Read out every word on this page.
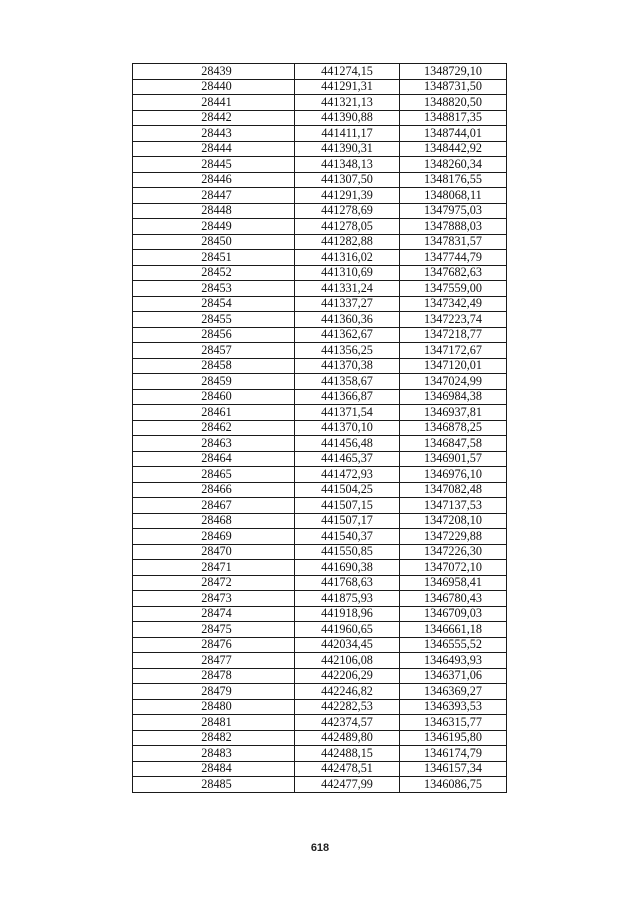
28439	441274,15	1348729,10
28440	441291,31	1348731,50
28441	441321,13	1348820,50
28442	441390,88	1348817,35
28443	441411,17	1348744,01
28444	441390,31	1348442,92
28445	441348,13	1348260,34
28446	441307,50	1348176,55
28447	441291,39	1348068,11
28448	441278,69	1347975,03
28449	441278,05	1347888,03
28450	441282,88	1347831,57
28451	441316,02	1347744,79
28452	441310,69	1347682,63
28453	441331,24	1347559,00
28454	441337,27	1347342,49
28455	441360,36	1347223,74
28456	441362,67	1347218,77
28457	441356,25	1347172,67
28458	441370,38	1347120,01
28459	441358,67	1347024,99
28460	441366,87	1346984,38
28461	441371,54	1346937,81
28462	441370,10	1346878,25
28463	441456,48	1346847,58
28464	441465,37	1346901,57
28465	441472,93	1346976,10
28466	441504,25	1347082,48
28467	441507,15	1347137,53
28468	441507,17	1347208,10
28469	441540,37	1347229,88
28470	441550,85	1347226,30
28471	441690,38	1347072,10
28472	441768,63	1346958,41
28473	441875,93	1346780,43
28474	441918,96	1346709,03
28475	441960,65	1346661,18
28476	442034,45	1346555,52
28477	442106,08	1346493,93
28478	442206,29	1346371,06
28479	442246,82	1346369,27
28480	442282,53	1346393,53
28481	442374,57	1346315,77
28482	442489,80	1346195,80
28483	442488,15	1346174,79
28484	442478,51	1346157,34
28485	442477,99	1346086,75
618
